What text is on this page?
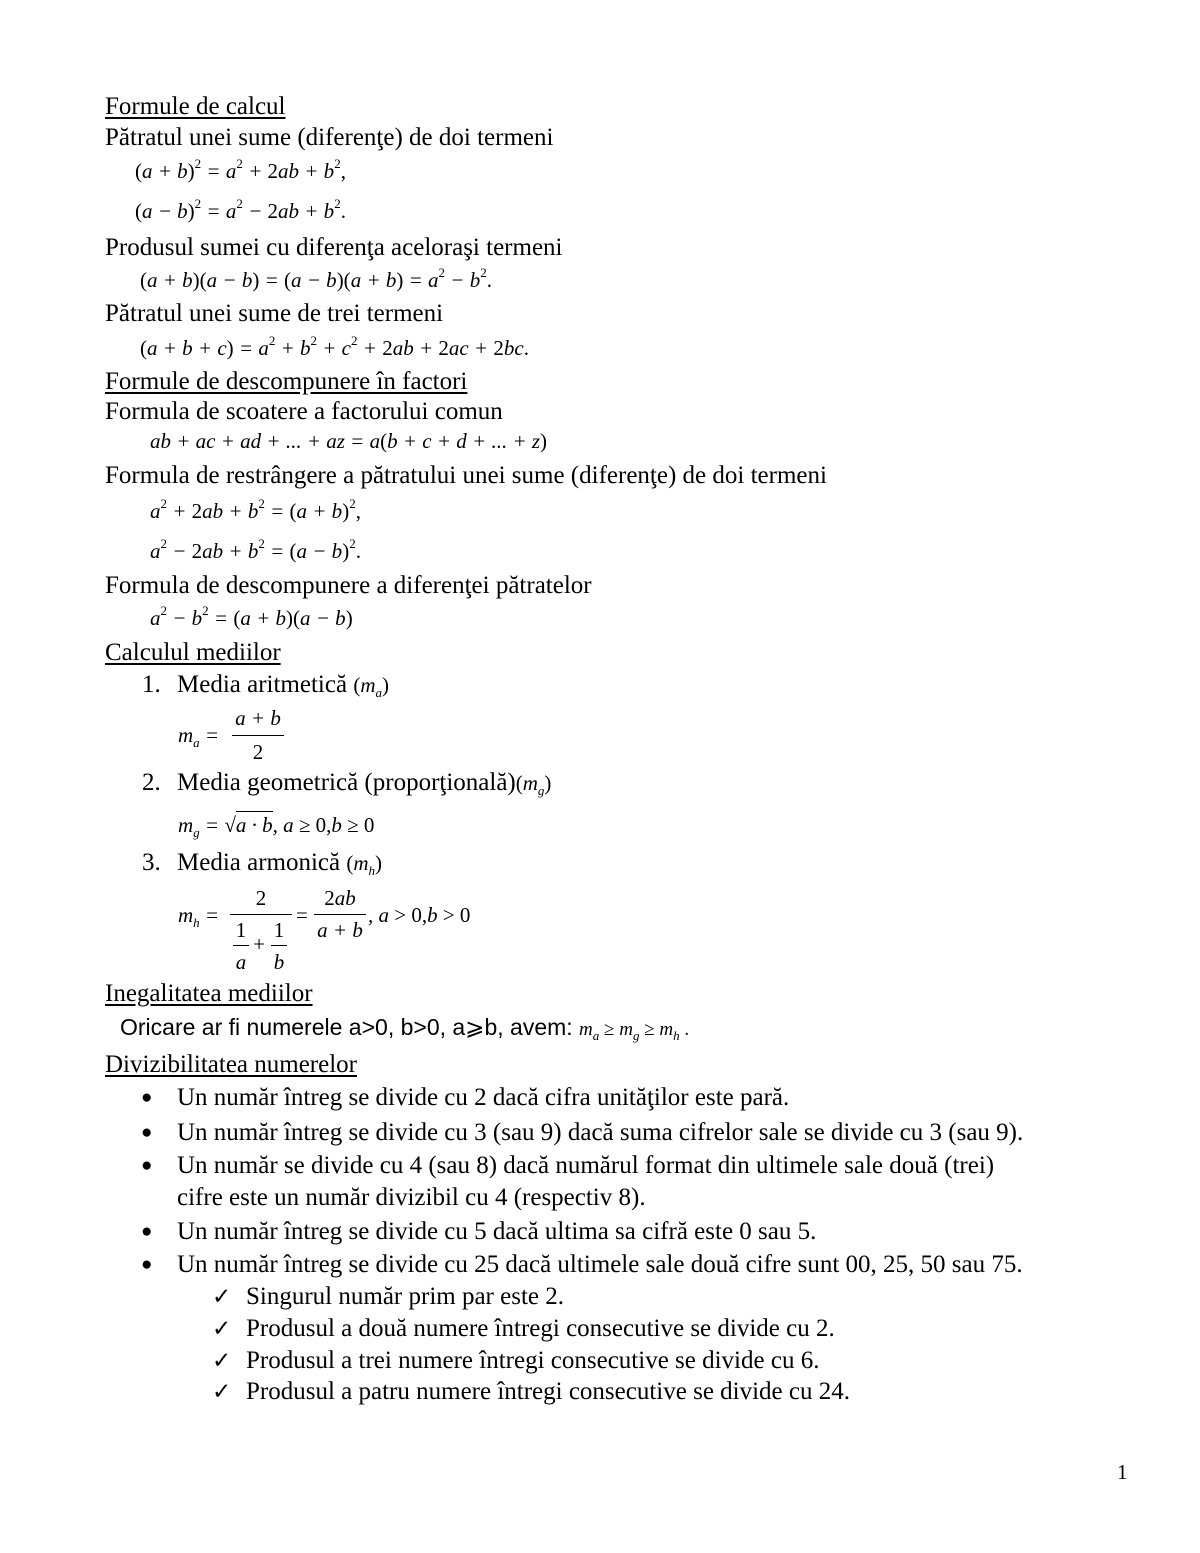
Formule de calcul
Pătratul unei sume (diferenţe) de doi termeni
$(a + b)^2 = a^2 + 2ab + b^2$,
$(a - b)^2 = a^2 - 2ab + b^2$.
Produsul sumei cu diferenţa aceloraşi termeni
$(a + b)(a - b) = (a - b)(a + b) = a^2 - b^2$.
Pătratul unei sume de trei termeni
$(a + b + c) = a^2 + b^2 + c^2 + 2ab + 2ac + 2bc$.
Formule de descompunere în factori
Formula de scoatere a factorului comun
ab + ac + ad + ... + az = a(b + c + d + ... + z)
Formula de restrângere a pătratului unei sume (diferenţe) de doi termeni
$a^2 + 2ab + b^2 = (a + b)^2$,
$a^2 - 2ab + b^2 = (a - b)^2$.
Formula de descompunere a diferenţei pătratelor
$a^2 - b^2 = (a + b)(a - b)$
Calculul mediilor
1. Media aritmetică $(m_a)$
$m_a$ =
a + b
2
2. Media geometrică $(proporţională)(m_g)$
$m_g = √a \cdot b$, a ≥ 0,b ≥ 0
3. Media armonică $(m_h)$
$m_h$ =
2
1
a
+
1
b
=
2ab
a + b
, a > 0,b > 0
Inegalitatea mediilor
Oricare ar fi numerele a>0, b>0, a⩾b, avem: $m_a \ge m_g \ge m_h$ .
Divizibilitatea numerelor
● Un număr întreg se divide cu 2 dacă cifra unităţilor este pară.
● Un număr întreg se divide cu 3 (sau 9) dacă suma cifrelor sale se divide cu 3 (sau 9).
● Un număr se divide cu 4 (sau 8) dacă numărul format din ultimele sale două (trei)
cifre este un număr divizibil cu 4 (respectiv 8).
● Un număr întreg se divide cu 5 dacă ultima sa cifră este 0 sau 5.
● Un număr întreg se divide cu 25 dacă ultimele sale două cifre sunt 00, 25, 50 sau 75.
✓ Singurul număr prim par este 2.
✓ Produsul a două numere întregi consecutive se divide cu 2.
✓ Produsul a trei numere întregi consecutive se divide cu 6.
✓ Produsul a patru numere întregi consecutive se divide cu 24.
1
